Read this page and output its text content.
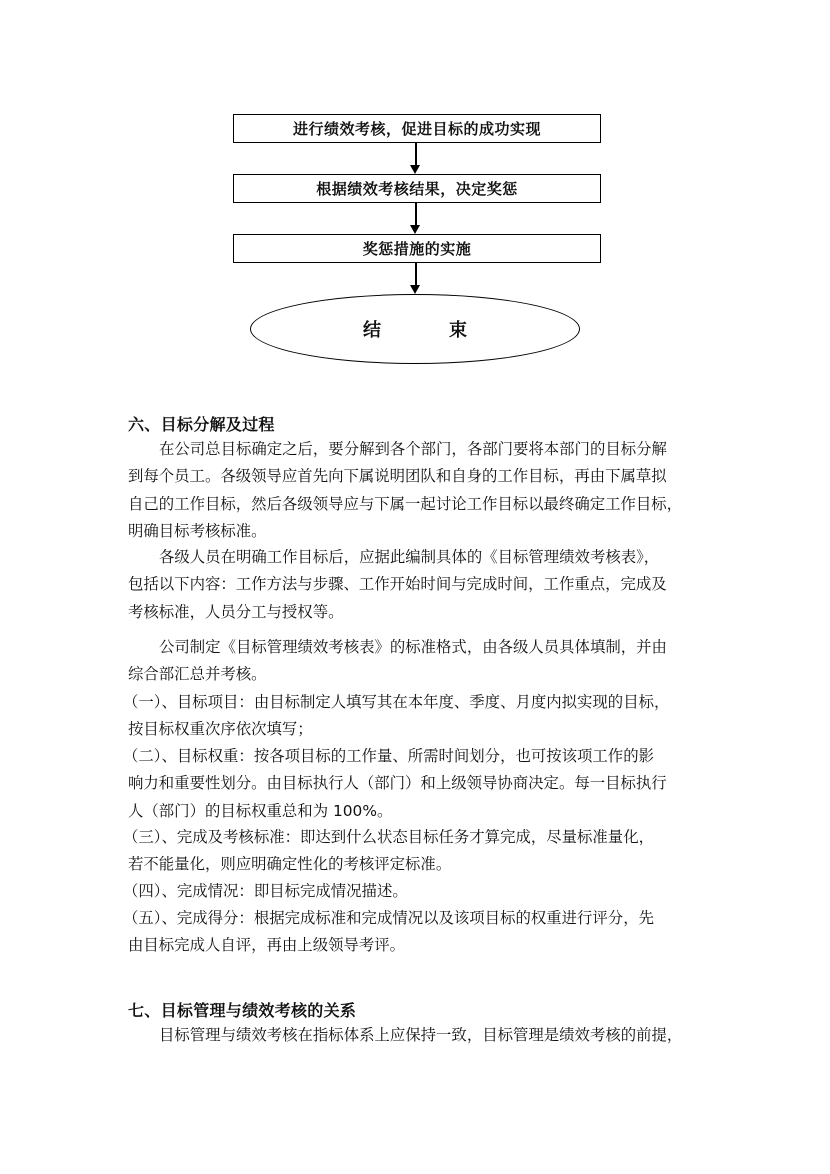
进行绩效考核，促进目标的成功实现
根据绩效考核结果，决定奖惩
奖惩措施的实施
结	束
六、目标分解及过程
在公司总目标确定之后，要分解到各个部门，各部门要将本部门的目标分解
到每个员工。各级领导应首先向下属说明团队和自身的工作目标，再由下属草拟
自己的工作目标，然后各级领导应与下属一起讨论工作目标以最终确定工作目标，
明确目标考核标准。
各级人员在明确工作目标后，应据此编制具体的《目标管理绩效考核表》，
包括以下内容：工作方法与步骤、工作开始时间与完成时间，工作重点，完成及
考核标准，人员分工与授权等。
公司制定《目标管理绩效考核表》的标准格式，由各级人员具体填制，并由
综合部汇总并考核。
（一）、目标项目：由目标制定人填写其在本年度、季度、月度内拟实现的目标，
按目标权重次序依次填写；
（二）、目标权重：按各项目标的工作量、所需时间划分，也可按该项工作的影
响力和重要性划分。由目标执行人（部门）和上级领导协商决定。每一目标执行
人（部门）的目标权重总和为 100%。
（三）、完成及考核标准：即达到什么状态目标任务才算完成，尽量标准量化，
若不能量化，则应明确定性化的考核评定标准。
（四）、完成情况：即目标完成情况描述。
（五）、完成得分：根据完成标准和完成情况以及该项目标的权重进行评分，先
由目标完成人自评，再由上级领导考评。
七、目标管理与绩效考核的关系
目标管理与绩效考核在指标体系上应保持一致，目标管理是绩效考核的前提，
